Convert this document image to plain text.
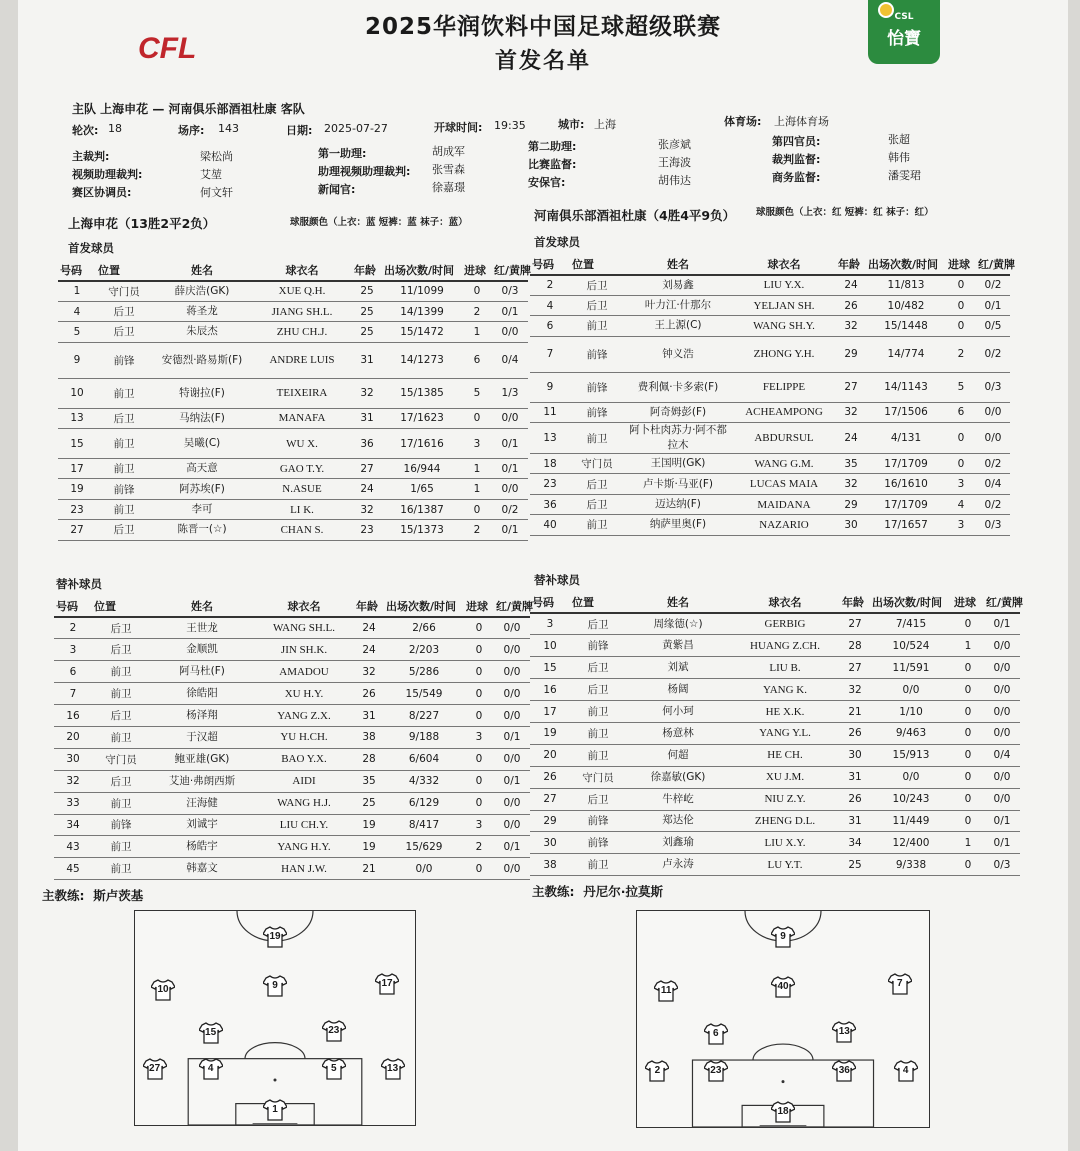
CFL
CSL
怡寶
2025华润饮料中国足球超级联赛
首发名单
主队 上海申花 — 河南俱乐部酒祖杜康 客队
轮次: 18	场序: 143	日期: 2025-07-27	开球时间: 19:35	城市: 上海	体育场: 上海体育场
主裁判:	梁松尚
视频助理裁判:	艾堃
赛区协调员:	何文轩
第一助理:	胡成军
助理视频助理裁判: 张雪森
新闻官:	徐嘉璟
第二助理:	张彦斌
比赛监督:	王海波
安保官:	胡伟达
第四官员:	张超
裁判监督:	韩伟
商务监督:	潘雯珺
上海申花（13胜2平2负）	球服颜色（上衣：蓝 短裤：蓝 袜子：蓝）	河南俱乐部酒祖杜康（4胜4平9负） 球服颜色（上衣：红 短裤：红 袜子：红）
首发球员	首发球员
号码	位置	姓名	球衣名	年龄	出场次数/时间	进球	红/黄牌
1	守门员	薛庆浩(GK)	XUE Q.H.	25	11/1099	0	0/3
4	后卫	蒋圣龙	JIANG SH.L.	25	14/1399	2	0/1
5	后卫	朱辰杰	ZHU CH.J.	25	15/1472	1	0/0
9	前锋	安德烈·路易斯(F)	ANDRE LUIS	31	14/1273	6	0/4
10	前卫	特谢拉(F)	TEIXEIRA	32	15/1385	5	1/3
13	后卫	马纳法(F)	MANAFA	31	17/1623	0	0/0
15	前卫	吴曦(C)	WU X.	36	17/1616	3	0/1
17	前卫	高天意	GAO T.Y.	27	16/944	1	0/1
19	前锋	阿苏埃(F)	N.ASUE	24	1/65	1	0/0
23	前卫	李可	LI K.	32	16/1387	0	0/2
27	后卫	陈晋一(☆)	CHAN S.	23	15/1373	2	0/1
号码	位置	姓名	球衣名	年龄	出场次数/时间	进球	红/黄牌
2	后卫	刘易鑫	LIU Y.X.	24	11/813	0	0/2
4	后卫	叶力江·什那尔	YELJAN SH.	26	10/482	0	0/1
6	前卫	王上源(C)	WANG SH.Y.	32	15/1448	0	0/5
7	前锋	钟义浩	ZHONG Y.H.	29	14/774	2	0/2
9	前锋	费利佩·卡多索(F)	FELIPPE	27	14/1143	5	0/3
11	前锋	阿奇姆彭(F)	ACHEAMPONG	32	17/1506	6	0/0
13	前卫	阿卜杜肉苏力·阿不都拉木	ABDURSUL	24	4/131	0	0/0
18	守门员	王国明(GK)	WANG G.M.	35	17/1709	0	0/2
23	后卫	卢卡斯·马亚(F)	LUCAS MAIA	32	16/1610	3	0/4
36	后卫	迈达纳(F)	MAIDANA	29	17/1709	4	0/2
40	前卫	纳萨里奥(F)	NAZARIO	30	17/1657	3	0/3
替补球员	替补球员
号码	位置	姓名	球衣名	年龄	出场次数/时间	进球	红/黄牌
2	后卫	王世龙	WANG SH.L.	24	2/66	0	0/0
3	后卫	金顺凯	JIN SH.K.	24	2/203	0	0/0
6	前卫	阿马杜(F)	AMADOU	32	5/286	0	0/0
7	前卫	徐皓阳	XU H.Y.	26	15/549	0	0/0
16	后卫	杨泽翔	YANG Z.X.	31	8/227	0	0/0
20	前卫	于汉超	YU H.CH.	38	9/188	3	0/1
30	守门员	鲍亚雄(GK)	BAO Y.X.	28	6/604	0	0/0
32	后卫	艾迪·弗朗西斯	AIDI	35	4/332	0	0/1
33	前卫	汪海健	WANG H.J.	25	6/129	0	0/0
34	前锋	刘诚宇	LIU CH.Y.	19	8/417	3	0/0
43	前卫	杨皓宇	YANG H.Y.	19	15/629	2	0/1
45	前卫	韩嘉文	HAN J.W.	21	0/0	0	0/0
号码	位置	姓名	球衣名	年龄	出场次数/时间	进球	红/黄牌
3	后卫	周缘德(☆)	GERBIG	27	7/415	0	0/1
10	前锋	黄紫昌	HUANG Z.CH.	28	10/524	1	0/0
15	后卫	刘斌	LIU B.	27	11/591	0	0/0
16	后卫	杨阔	YANG K.	32	0/0	0	0/0
17	前卫	何小珂	HE X.K.	21	1/10	0	0/0
19	前卫	杨意林	YANG Y.L.	26	9/463	0	0/0
20	前卫	何超	HE CH.	30	15/913	0	0/4
26	守门员	徐嘉敏(GK)	XU J.M.	31	0/0	0	0/0
27	后卫	牛梓屹	NIU Z.Y.	26	10/243	0	0/0
29	前锋	郑达伦	ZHENG D.L.	31	11/449	0	0/1
30	前锋	刘鑫瑜	LIU X.Y.	34	12/400	1	0/1
38	前卫	卢永涛	LU Y.T.	25	9/338	0	0/3
主教练: 斯卢茨基	主教练: 丹尼尔·拉莫斯
19
10	9	17
15	23
27	4	5	13
1
9
11	40	7
6	13
2	23	36	4
18
